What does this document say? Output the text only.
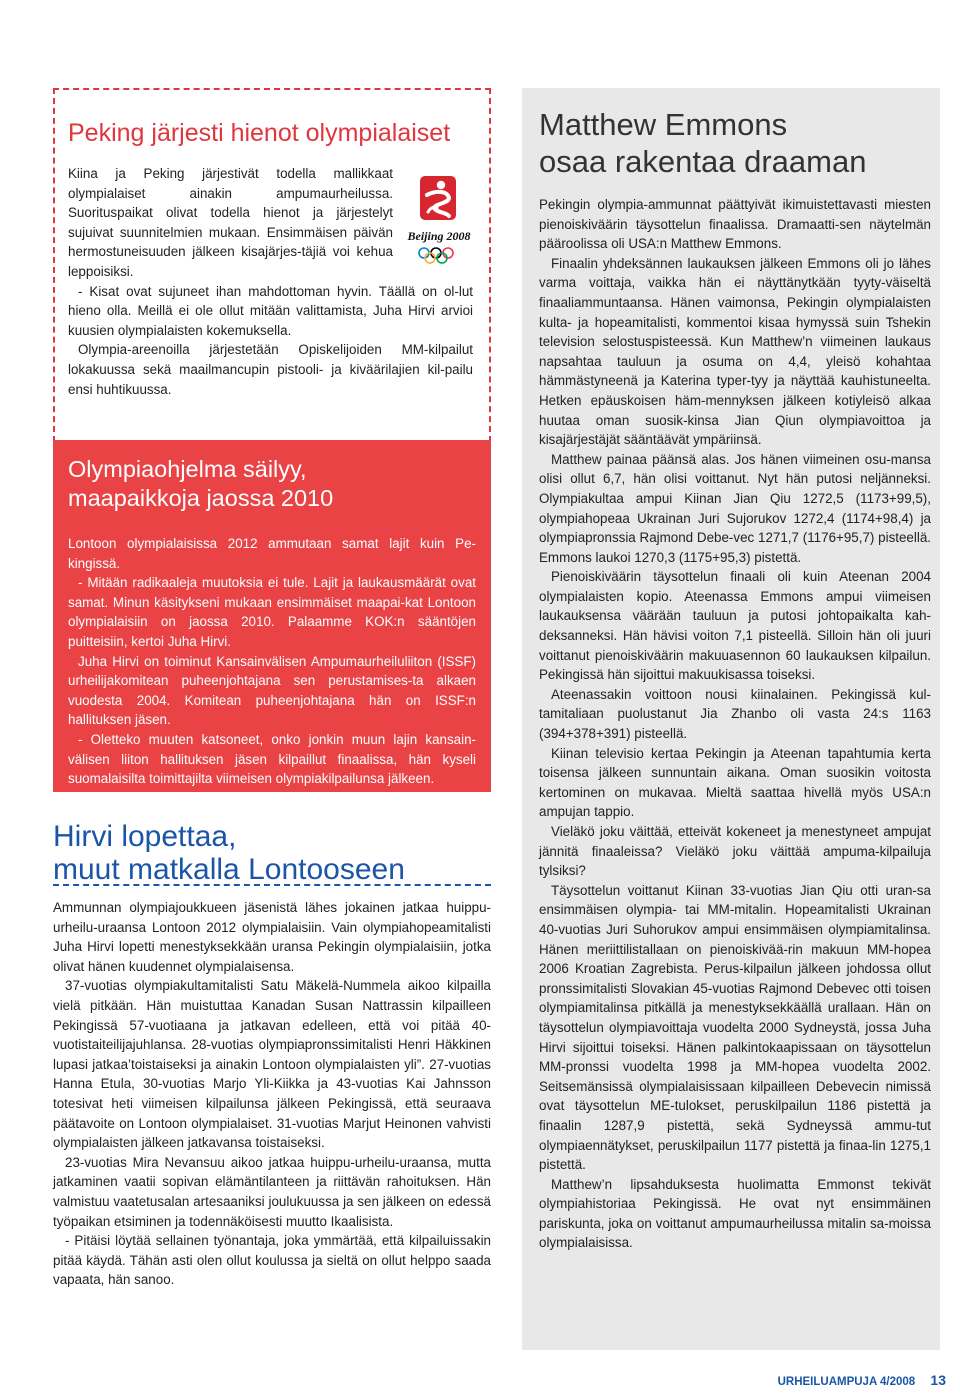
Peking järjesti hienot olympialaiset

Kiina ja Peking järjestivät todella mallikkaat olympialaiset ainakin ampumaurheilussa. Suorituspaikat olivat todella hienot ja järjestelyt sujuivat suunnitelmien mukaan. Ensimmäisen päivän hermostuneisuuden jälkeen kisajärjes-täjiä voi kehua leppoisiksi.

- Kisat ovat sujuneet ihan mahdottoman hyvin. Täällä on ol-lut hieno olla. Meillä ei ole ollut mitään valittamista, Juha Hirvi arvioi kuusien olympialaisten kokemuksella.

Olympia-areenoilla järjestetään Opiskelijoiden MM-kilpailut lokakuussa sekä maailmancupin pistooli- ja kiväärilajien kil-pailu ensi huhtikuussa.

Beijing 2008
Olympiaohjelma säilyy,
maapaikkoja jaossa 2010

Lontoon olympialaisissa 2012 ammutaan samat lajit kuin Pe-kingissä.

- Mitään radikaaleja muutoksia ei tule. Lajit ja laukausmäärät ovat samat. Minun käsitykseni mukaan ensimmäiset maapai-kat Lontoon olympialaisiin on jaossa 2010. Palaamme KOK:n sääntöjen puitteisiin, kertoi Juha Hirvi.

Juha Hirvi on toiminut Kansainvälisen Ampumaurheiluliiton (ISSF) urheilijakomitean puheenjohtajana sen perustamises-ta alkaen vuodesta 2004. Komitean puheenjohtajana hän on ISSF:n hallituksen jäsen.

- Oletteko muuten katsoneet, onko jonkin muun lajin kansain-välisen liiton hallituksen jäsen kilpaillut finaalissa, hän kyseli suomalaisilta toimittajilta viimeisen olympiakilpailunsa jälkeen.

Hirvi lopettaa,
muut matkalla Lontooseen

Ammunnan olympiajoukkueen jäsenistä lähes jokainen jatkaa huippu-urheilu-uraansa Lontoon 2012 olympialaisiin. Vain olympiahopeamitalisti Juha Hirvi lopetti menestyksekkään uransa Pekingin olympialaisiin, jotka olivat hänen kuudennet olympialaisensa.

37-vuotias olympiakultamitalisti Satu Mäkelä-Nummela aikoo kilpailla vielä pitkään. Hän muistuttaa Kanadan Susan Nattrassin kilpailleen Pekingissä 57-vuotiaana ja jatkavan edelleen, että voi pitää 40-vuotistaiteilijajuhlansa. 28-vuotias olympiapronssimitalisti Henri Häkkinen lupasi jatkaa’toistaiseksi ja ainakin Lontoon olympialaisten yli”. 27-vuotias Hanna Etula, 30-vuotias Marjo Yli-Kiikka ja 43-vuotias Kai Jahnsson totesivat heti viimeisen kilpailunsa jälkeen Pekingissä, että seuraava päätavoite on Lontoon olympialaiset. 31-vuotias Marjut Heinonen vahvisti olympialaisten jälkeen jatkavansa toistaiseksi.

23-vuotias Mira Nevansuu aikoo jatkaa huippu-urheilu-uraansa, mutta jatkaminen vaatii sopivan elämäntilanteen ja riittävän rahoituksen. Hän valmistuu vaatetusalan artesaaniksi joulukuussa ja sen jälkeen on edessä työpaikan etsiminen ja todennäköisesti muutto Ikaalisista.

- Pitäisi löytää sellainen työnantaja, joka ymmärtää, että kilpailuissakin pitää käydä. Tähän asti olen ollut koulussa ja sieltä on ollut helppo saada vapaata, hän sanoo.

Matthew Emmons
osaa rakentaa draaman

Pekingin olympia-ammunnat päättyivät ikimuistettavasti miesten pienoiskiväärin täysottelun finaalissa. Dramaatti-sen näytelmän pääroolissa oli USA:n Matthew Emmons.

Finaalin yhdeksännen laukauksen jälkeen Emmons oli jo lähes varma voittaja, vaikka hän ei näyttänytkään tyyty-väiseltä finaaliammuntaansa. Hänen vaimonsa, Pekingin olympialaisten kulta- ja hopeamitalisti, kommentoi kisaa hymyssä suin Tshekin television selostuspisteessä. Kun Matthew’n viimeinen laukaus napsahtaa tauluun ja osuma on 4,4, yleisö kohahtaa hämmästyneenä ja Katerina typer-tyy ja näyttää kauhistuneelta. Hetken epäuskoisen häm-mennyksen jälkeen kotiyleisö alkaa huutaa oman suosik-kinsa Jian Qiun olympiavoittoa ja kisajärjestäjät sääntäävät ympäriinsä.

Matthew painaa päänsä alas. Jos hänen viimeinen osu-mansa olisi ollut 6,7, hän olisi voittanut. Nyt hän putosi neljänneksi. Olympiakultaa ampui Kiinan Jian Qiu 1272,5 (1173+99,5), olympiahopeaa Ukrainan Juri Sujorukov 1272,4 (1174+98,4) ja olympiapronssia Rajmond Debe-vec 1271,7 (1176+95,7) pisteellä. Emmons laukoi 1270,3 (1175+95,3) pistettä.

Pienoiskiväärin täysottelun finaali oli kuin Ateenan 2004 olympialaisten kopio. Ateenassa Emmons ampui viimeisen laukauksensa väärään tauluun ja putosi johtopaikalta kah-deksanneksi. Hän hävisi voiton 7,1 pisteellä. Silloin hän oli juuri voittanut pienoiskiväärin makuuasennon 60 laukauksen kilpailun. Pekingissä hän sijoittui makuukisassa toiseksi.

Ateenassakin voittoon nousi kiinalainen. Pekingissä kul-tamitaliaan puolustanut Jia Zhanbo oli vasta 24:s 1163 (394+378+391) pisteellä.

Kiinan televisio kertaa Pekingin ja Ateenan tapahtumia kerta toisensa jälkeen sunnuntain aikana. Oman suosikin voitosta kertominen on mukavaa. Mieltä saattaa hivellä myös USA:n ampujan tappio.

Vieläkö joku väittää, etteivät kokeneet ja menestyneet ampujat jännitä finaaleissa? Vieläkö joku väittää ampuma-kilpailuja tylsiksi?

Täysottelun voittanut Kiinan 33-vuotias Jian Qiu otti uran-sa ensimmäisen olympia- tai MM-mitalin. Hopeamitalisti Ukrainan 40-vuotias Juri Suhorukov ampui ensimmäisen olympiamitalinsa. Hänen meriittilistallaan on pienoiskivää-rin makuun MM-hopea 2006 Kroatian Zagrebista. Perus-kilpailun jälkeen johdossa ollut pronssimitalisti Slovakian 45-vuotias Rajmond Debevec otti toisen olympiamitalinsa pitkällä ja menestyksekkäällä urallaan. Hän on täysottelun olympiavoittaja vuodelta 2000 Sydneystä, jossa Juha Hirvi sijoittui toiseksi. Hänen palkintokaapissaan on täysottelun MM-pronssi vuodelta 1998 ja MM-hopea vuodelta 2002. Seitsemänsissä olympialaisissaan kilpailleen Debevecin nimissä ovat täysottelun ME-tulokset, peruskilpailun 1186 pistettä ja finaalin 1287,9 pistettä, sekä Sydneyssä ammu-tut olympiaennätykset, peruskilpailun 1177 pistettä ja finaa-lin 1275,1 pistettä.

Matthew’n lipsahduksesta huolimatta Emmonst tekivät olympiahistoriaa Pekingissä. He ovat nyt ensimmäinen pariskunta, joka on voittanut ampumaurheilussa mitalin sa-moissa olympialaisissa.

URHEILUAMPUJA 4/2008 13
